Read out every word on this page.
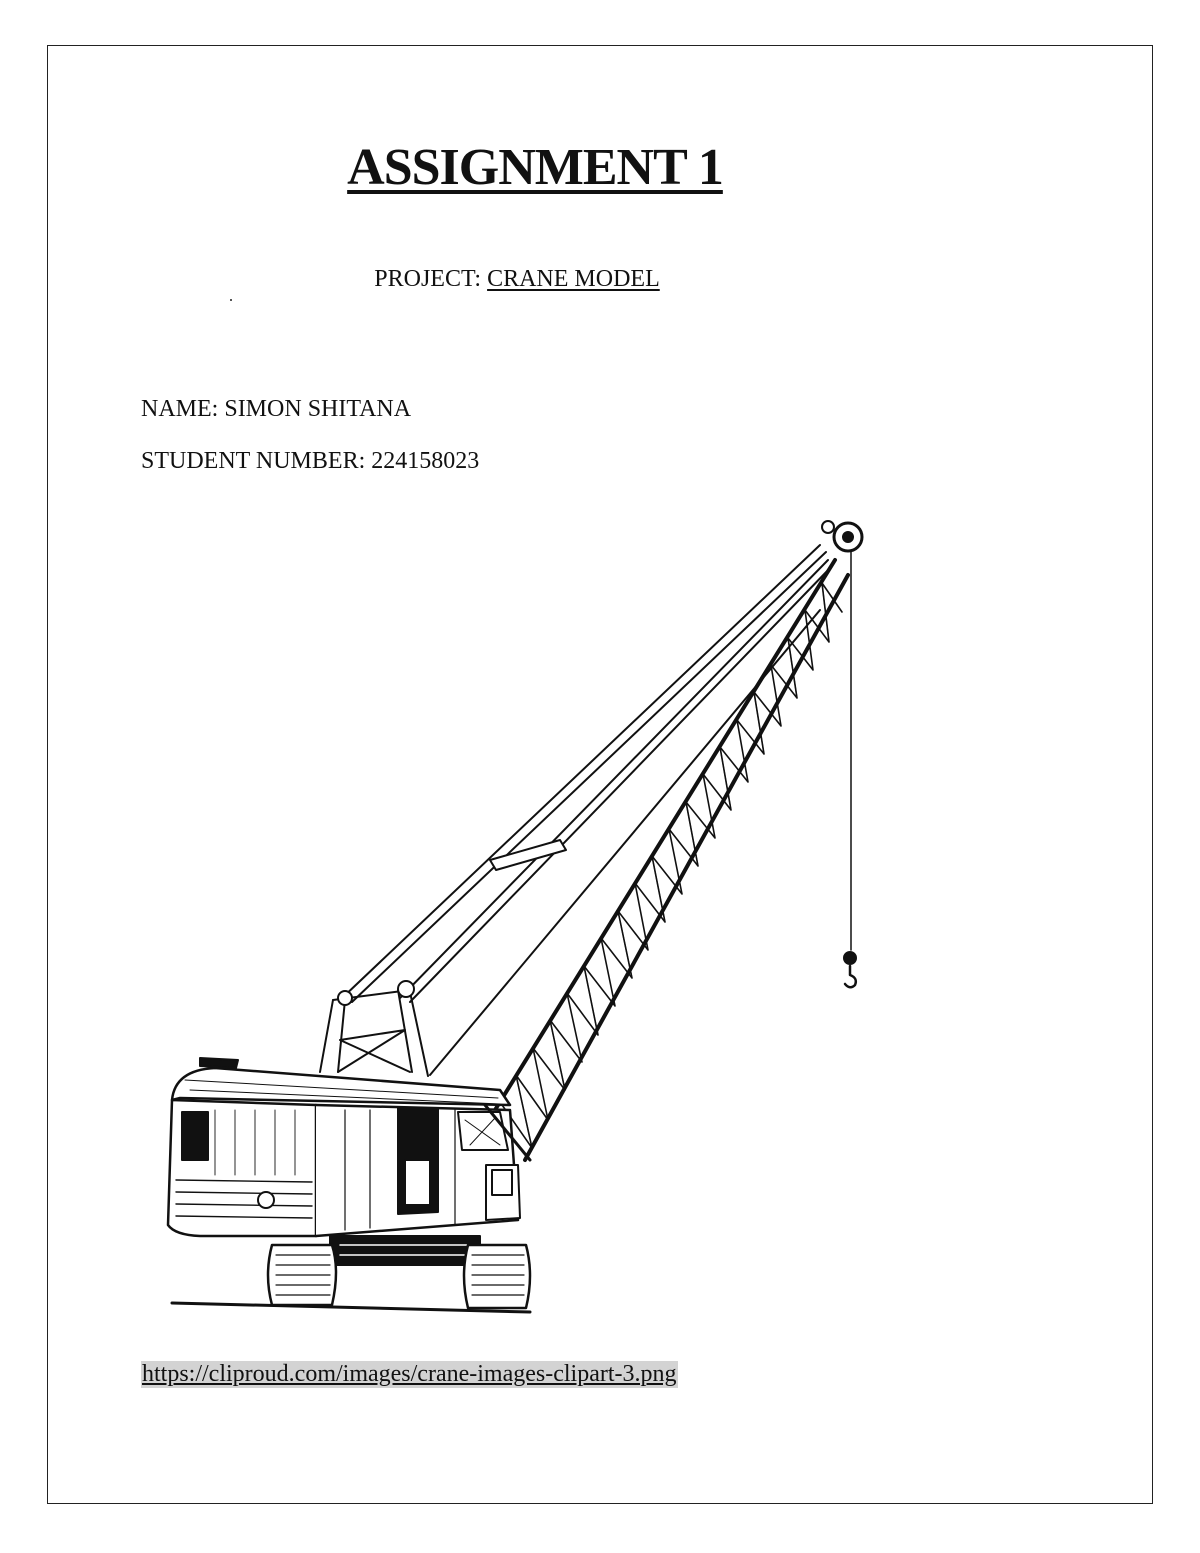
ASSIGNMENT 1
PROJECT: CRANE MODEL
NAME: SIMON SHITANA
STUDENT NUMBER: 224158023
https://cliproud.com/images/crane-images-clipart-3.png
